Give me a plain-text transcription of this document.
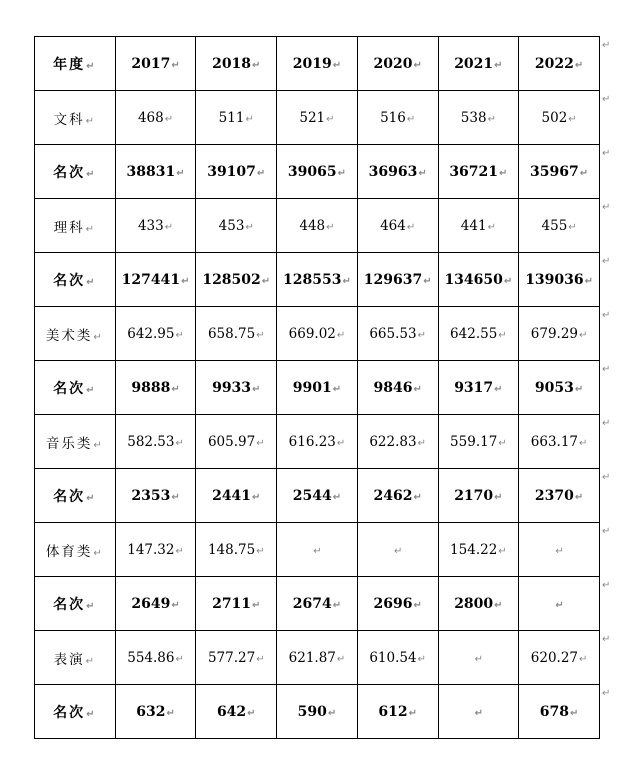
年度↵	2017↵	2018↵	2019↵	2020↵	2021↵	2022↵
文科↵	468↵	511↵	521↵	516↵	538↵	502↵
名次↵	38831↵	39107↵	39065↵	36963↵	36721↵	35967↵
理科↵	433↵	453↵	448↵	464↵	441↵	455↵
名次↵	127441↵	128502↵	128553↵	129637↵	134650↵	139036↵
美术类↵	642.95↵	658.75↵	669.02↵	665.53↵	642.55↵	679.29↵
名次↵	9888↵	9933↵	9901↵	9846↵	9317↵	9053↵
音乐类↵	582.53↵	605.97↵	616.23↵	622.83↵	559.17↵	663.17↵
名次↵	2353↵	2441↵	2544↵	2462↵	2170↵	2370↵
体育类↵	147.32↵	148.75↵	↵	↵	154.22↵	↵
名次↵	2649↵	2711↵	2674↵	2696↵	2800↵	↵
表演↵	554.86↵	577.27↵	621.87↵	610.54↵	↵	620.27↵
名次↵	632↵	642↵	590↵	612↵	↵	678↵
↵
↵
↵
↵
↵
↵
↵
↵
↵
↵
↵
↵
↵
